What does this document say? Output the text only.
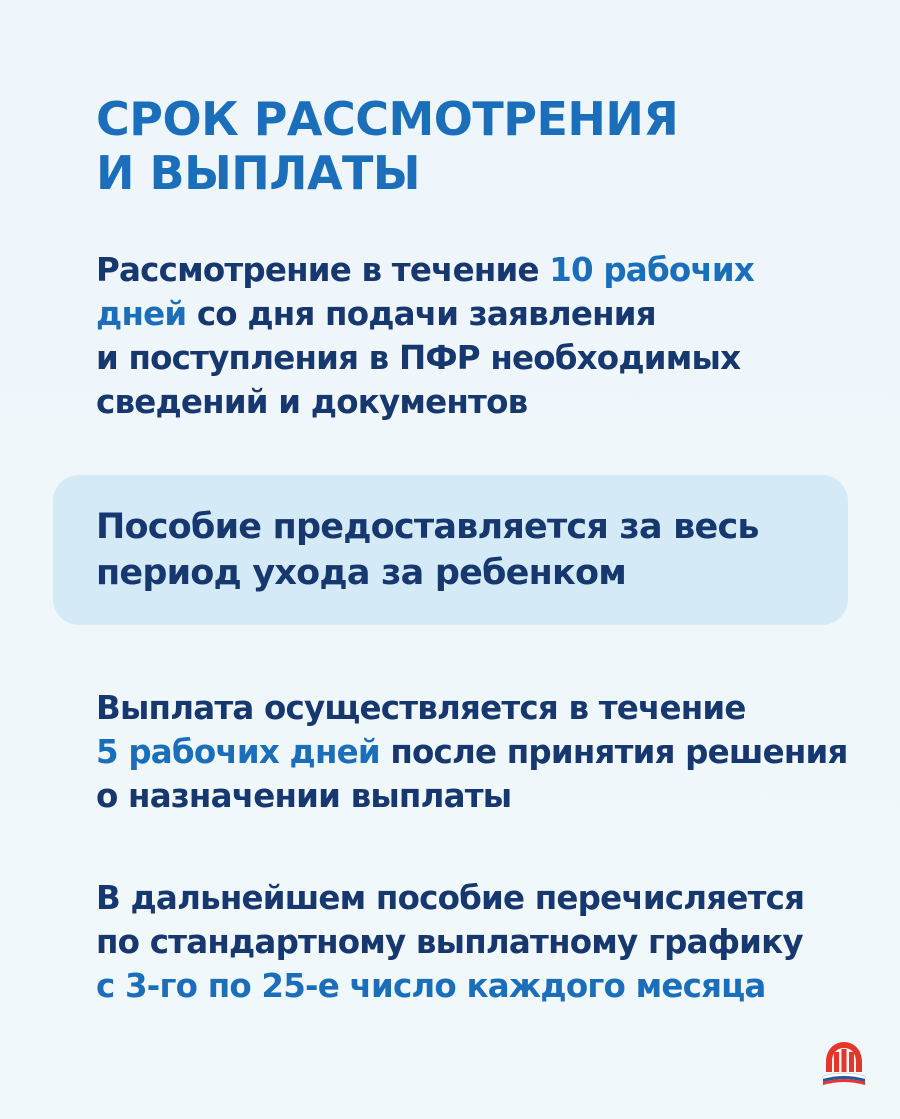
СРОК РАССМОТРЕНИЯ
И ВЫПЛАТЫ

Рассмотрение в течение 10 рабочих
дней со дня подачи заявления
и поступления в ПФР необходимых
сведений и документов

Пособие предоставляется за весь
период ухода за ребенком

Выплата осуществляется в течение
5 рабочих дней после принятия решения
о назначении выплаты

В дальнейшем пособие перечисляется
по стандартному выплатному графику
с 3-го по 25-е число каждого месяца
